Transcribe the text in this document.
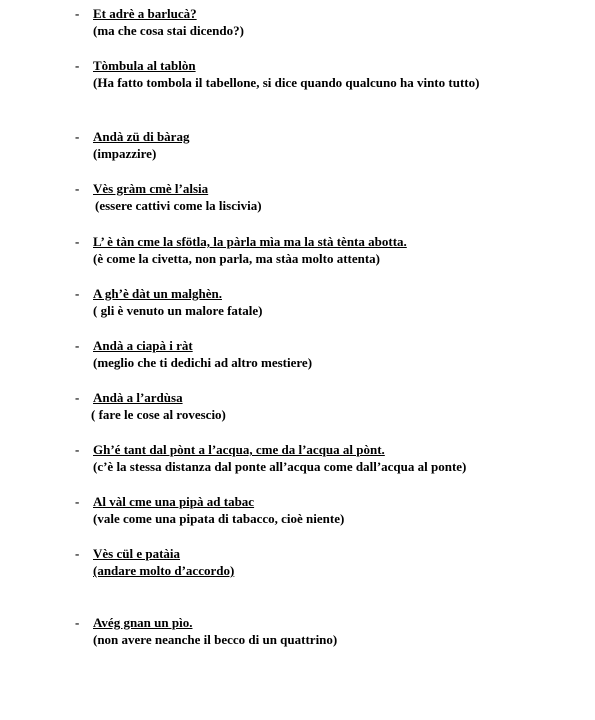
- Et adrè a barlucà?
(ma che cosa stai dicendo?)
- Tòmbula al tablòn
(Ha fatto tombola il tabellone, si dice quando qualcuno ha vinto tutto)
- Andà zü di bàrag
(impazzire)
- Vès gràm cmè l’alsia
(essere cattivi come la liscivia)
- L’ è tàn cme la sfötla, la pàrla mìa ma la stà tènta abotta.
(è come la civetta, non parla, ma stàa molto attenta)
- A gh’è dàt un malghèn.
( gli è venuto un malore fatale)
- Andà a ciapà i ràt
(meglio che ti dedichi ad altro mestiere)
- Andà a l’ardùsa
( fare le cose al rovescio)
- Gh’é tant dal pònt a l’acqua, cme da l’acqua al pònt.
(c’è la stessa distanza dal ponte all’acqua come dall’acqua al ponte)
- Al vàl cme una pipà ad tabac
(vale come una pipata di tabacco, cioè niente)
- Vès cül e patàia
(andare molto d’accordo)
- Avég gnan un pìo.
(non avere neanche il becco di un quattrino)
